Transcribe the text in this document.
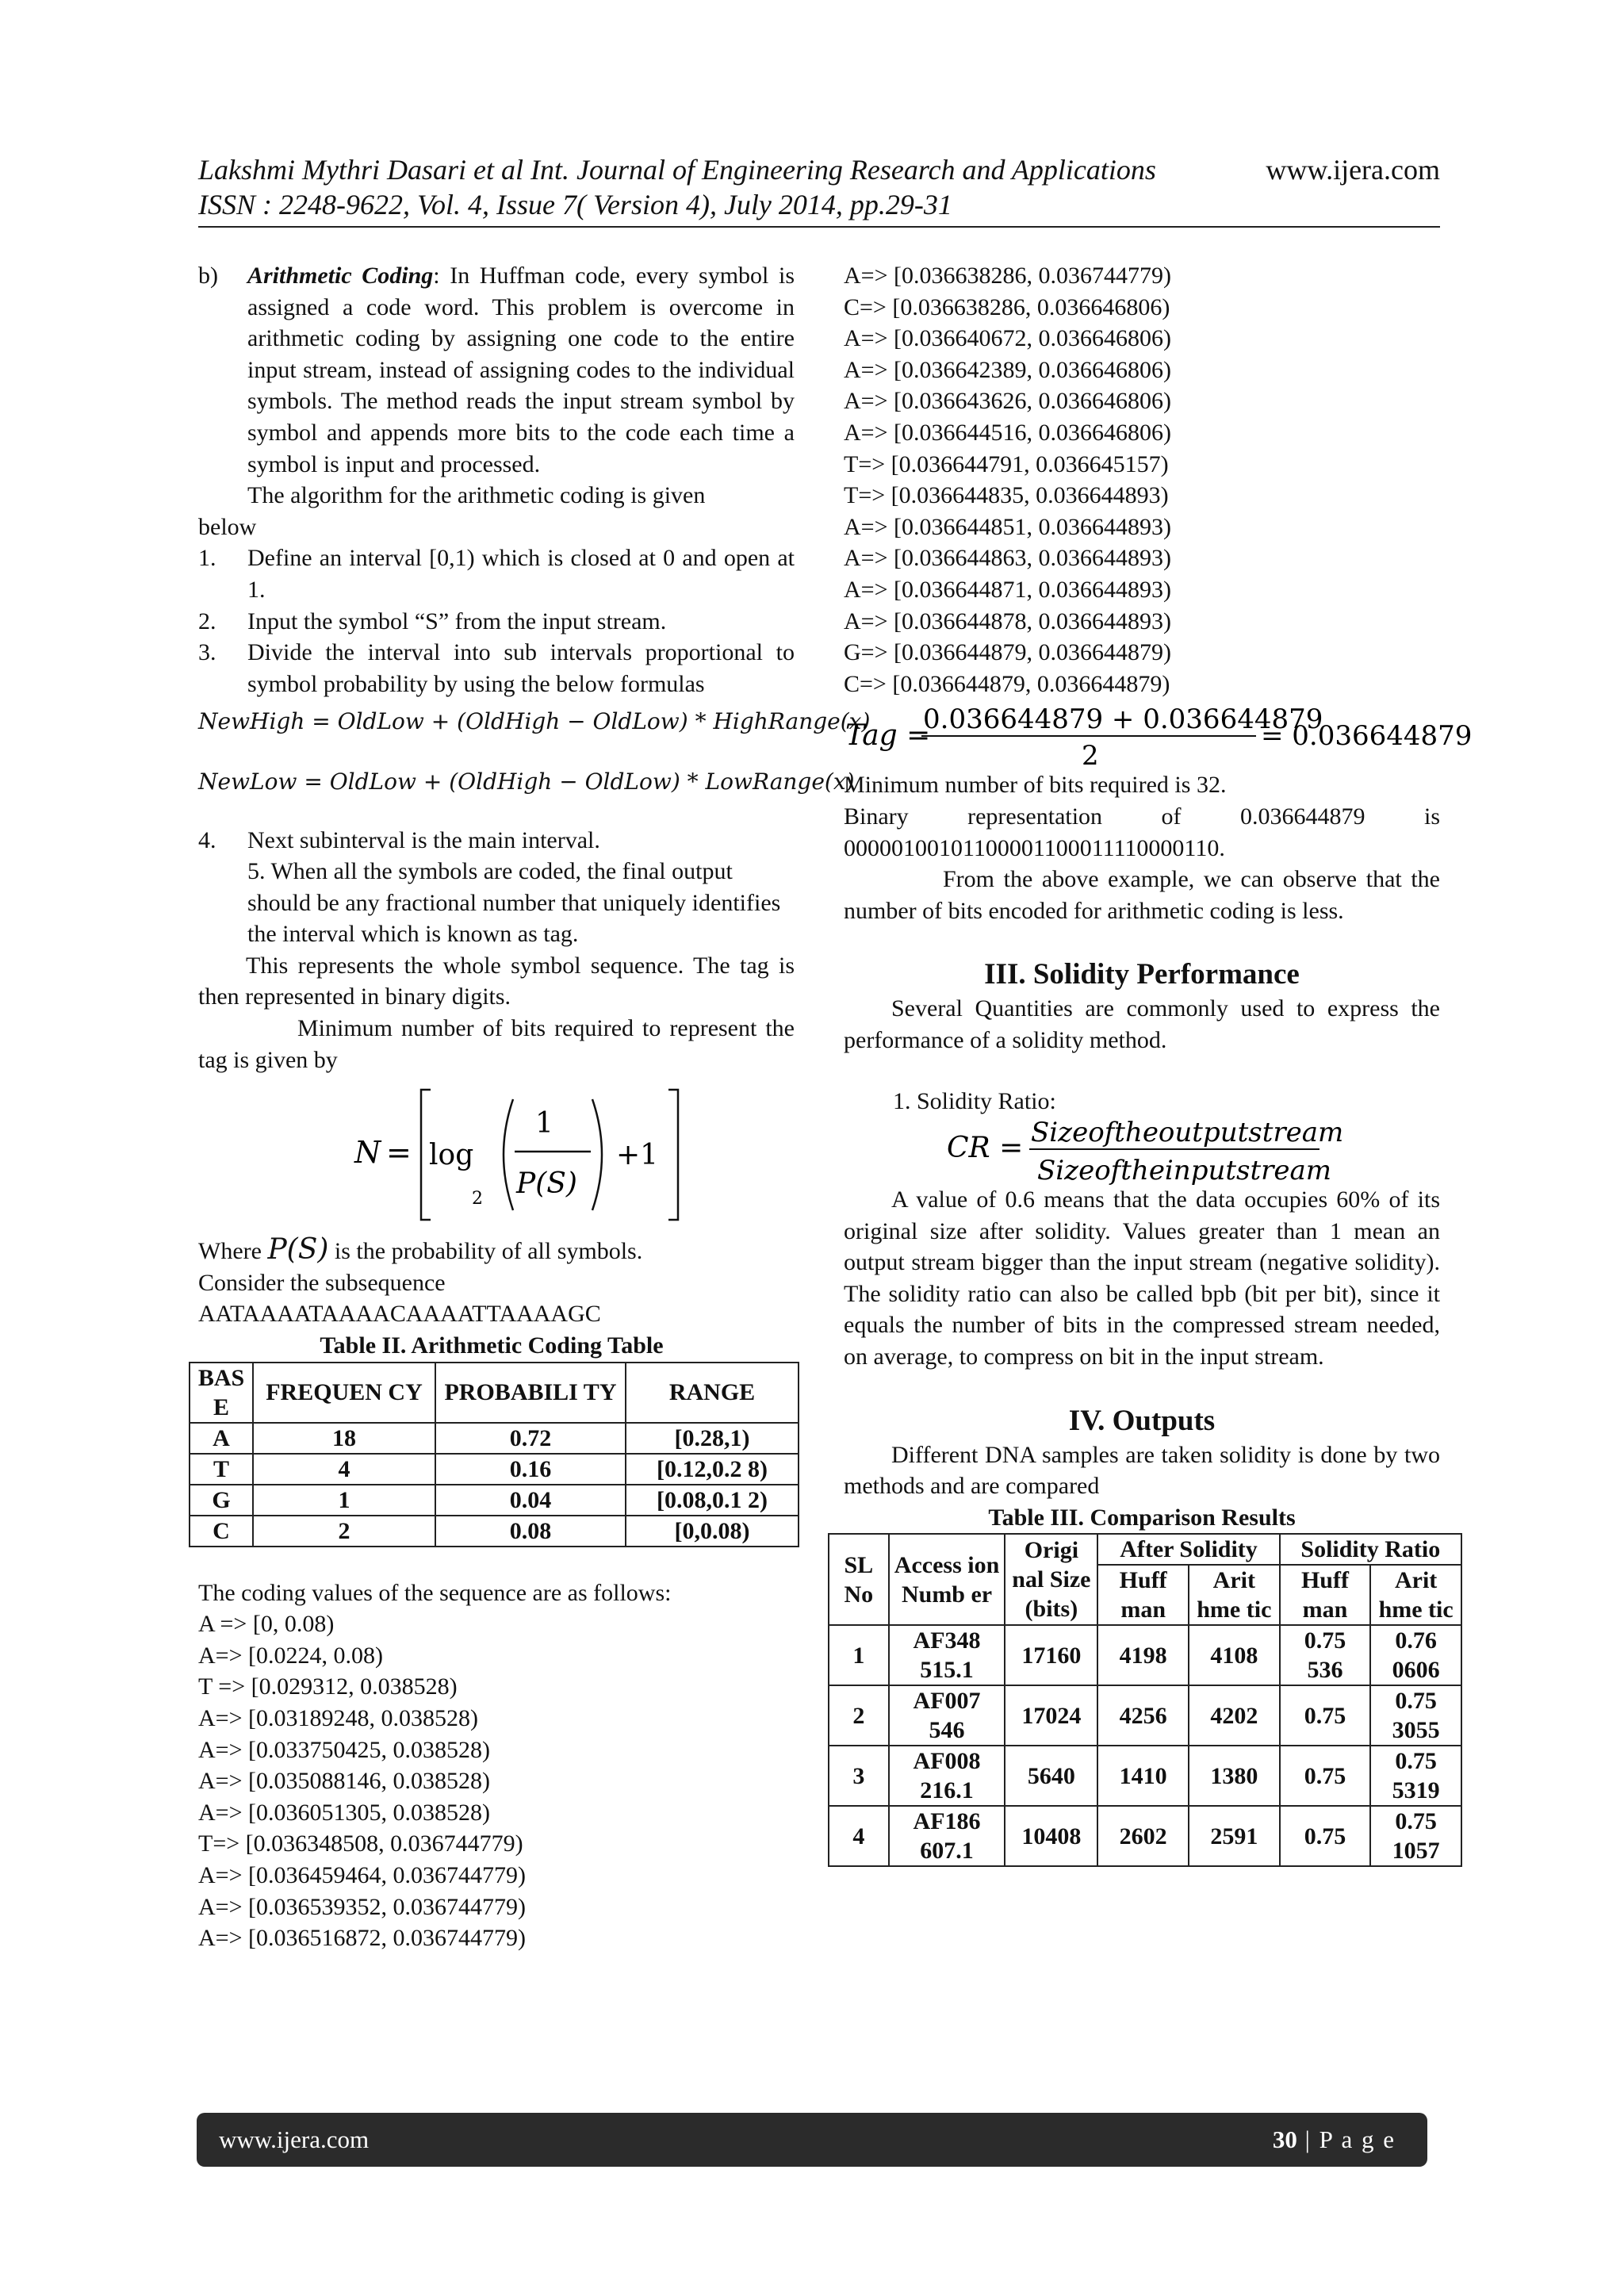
Lakshmi Mythri Dasari et al Int. Journal of Engineering Research and Applications	www.ijera.com
ISSN : 2248-9622, Vol. 4, Issue 7( Version 4), July 2014, pp.29-31

b) Arithmetic Coding: In Huffman code, every symbol is assigned a code word. This problem is overcome in arithmetic coding by assigning one code to the entire input stream, instead of assigning codes to the individual symbols. The method reads the input stream symbol by symbol and appends more bits to the code each time a symbol is input and processed.

The algorithm for the arithmetic coding is given

below

1. Define an interval [0,1) which is closed at 0 and open at 1.

2. Input the symbol “S” from the input stream.

3. Divide the interval into sub intervals proportional to symbol probability by using the below formulas

NewHigh = OldLow + (OldHigh − OldLow) * HighRange(x)
NewLow = OldLow + (OldHigh − OldLow) * LowRange(x)

4. Next subinterval is the main interval.

5. When all the symbols are coded, the final output should be any fractional number that uniquely identifies the interval which is known as tag.

This represents the whole symbol sequence. The tag is then represented in binary digits.

Minimum number of bits required to represent the tag is given by

N = log
2
1
P(S)
+1

Where P(S) is the probability of all symbols.

Consider the subsequence

AATAAAATAAAACAAAATTAAAAGC

Table II. Arithmetic Coding Table

BAS E	FREQUEN CY	PROBABILI TY	RANGE
A	18	0.72	[0.28,1)
T	4	0.16	[0.12,0.2 8)
G	1	0.04	[0.08,0.1 2)
C	2	0.08	[0,0.08)

The coding values of the sequence are as follows:

A => [0, 0.08)

A=> [0.0224, 0.08)

T => [0.029312, 0.038528)

A=> [0.03189248, 0.038528)

A=> [0.033750425, 0.038528)

A=> [0.035088146, 0.038528)

A=> [0.036051305, 0.038528)

T=> [0.036348508, 0.036744779)

A=> [0.036459464, 0.036744779)

A=> [0.036539352, 0.036744779)

A=> [0.036516872, 0.036744779)

A=> [0.036638286, 0.036744779)

C=> [0.036638286, 0.036646806)

A=> [0.036640672, 0.036646806)

A=> [0.036642389, 0.036646806)

A=> [0.036643626, 0.036646806)

A=> [0.036644516, 0.036646806)

T=> [0.036644791, 0.036645157)

T=> [0.036644835, 0.036644893)

A=> [0.036644851, 0.036644893)

A=> [0.036644863, 0.036644893)

A=> [0.036644871, 0.036644893)

A=> [0.036644878, 0.036644893)

G=> [0.036644879, 0.036644879)

C=> [0.036644879, 0.036644879)

Tag =
0.036644879 + 0.036644879
2
= 0.036644879

Minimum number of bits required is 32.

Binary representation of 0.036644879 is

00000100101100001100011110000110.

From the above example, we can observe that the number of bits encoded for arithmetic coding is less.

III. Solidity Performance

Several Quantities are commonly used to express the performance of a solidity method.

1. Solidity Ratio:

CR = Sizeoftheoutputstream
Sizeoftheinputstream

A value of 0.6 means that the data occupies 60% of its original size after solidity. Values greater than 1 mean an output stream bigger than the input stream (negative solidity). The solidity ratio can also be called bpb (bit per bit), since it equals the number of bits in the compressed stream needed, on average, to compress on bit in the input stream.

IV. Outputs

Different DNA samples are taken solidity is done by two methods and are compared

Table III. Comparison Results

SL No	Access ion Numb er	Origi nal Size (bits)	After Solidity		Solidity Ratio	
			Huff man	Arit hme tic	Huff man	Arit hme tic
1	AF348 515.1	17160	4198	4108	0.75 536	0.76 0606
2	AF007 546	17024	4256	4202	0.75	0.75 3055
3	AF008 216.1	5640	1410	1380	0.75	0.75 5319
4	AF186 607.1	10408	2602	2591	0.75	0.75 1057
www.ijera.com	30 | P a g e
